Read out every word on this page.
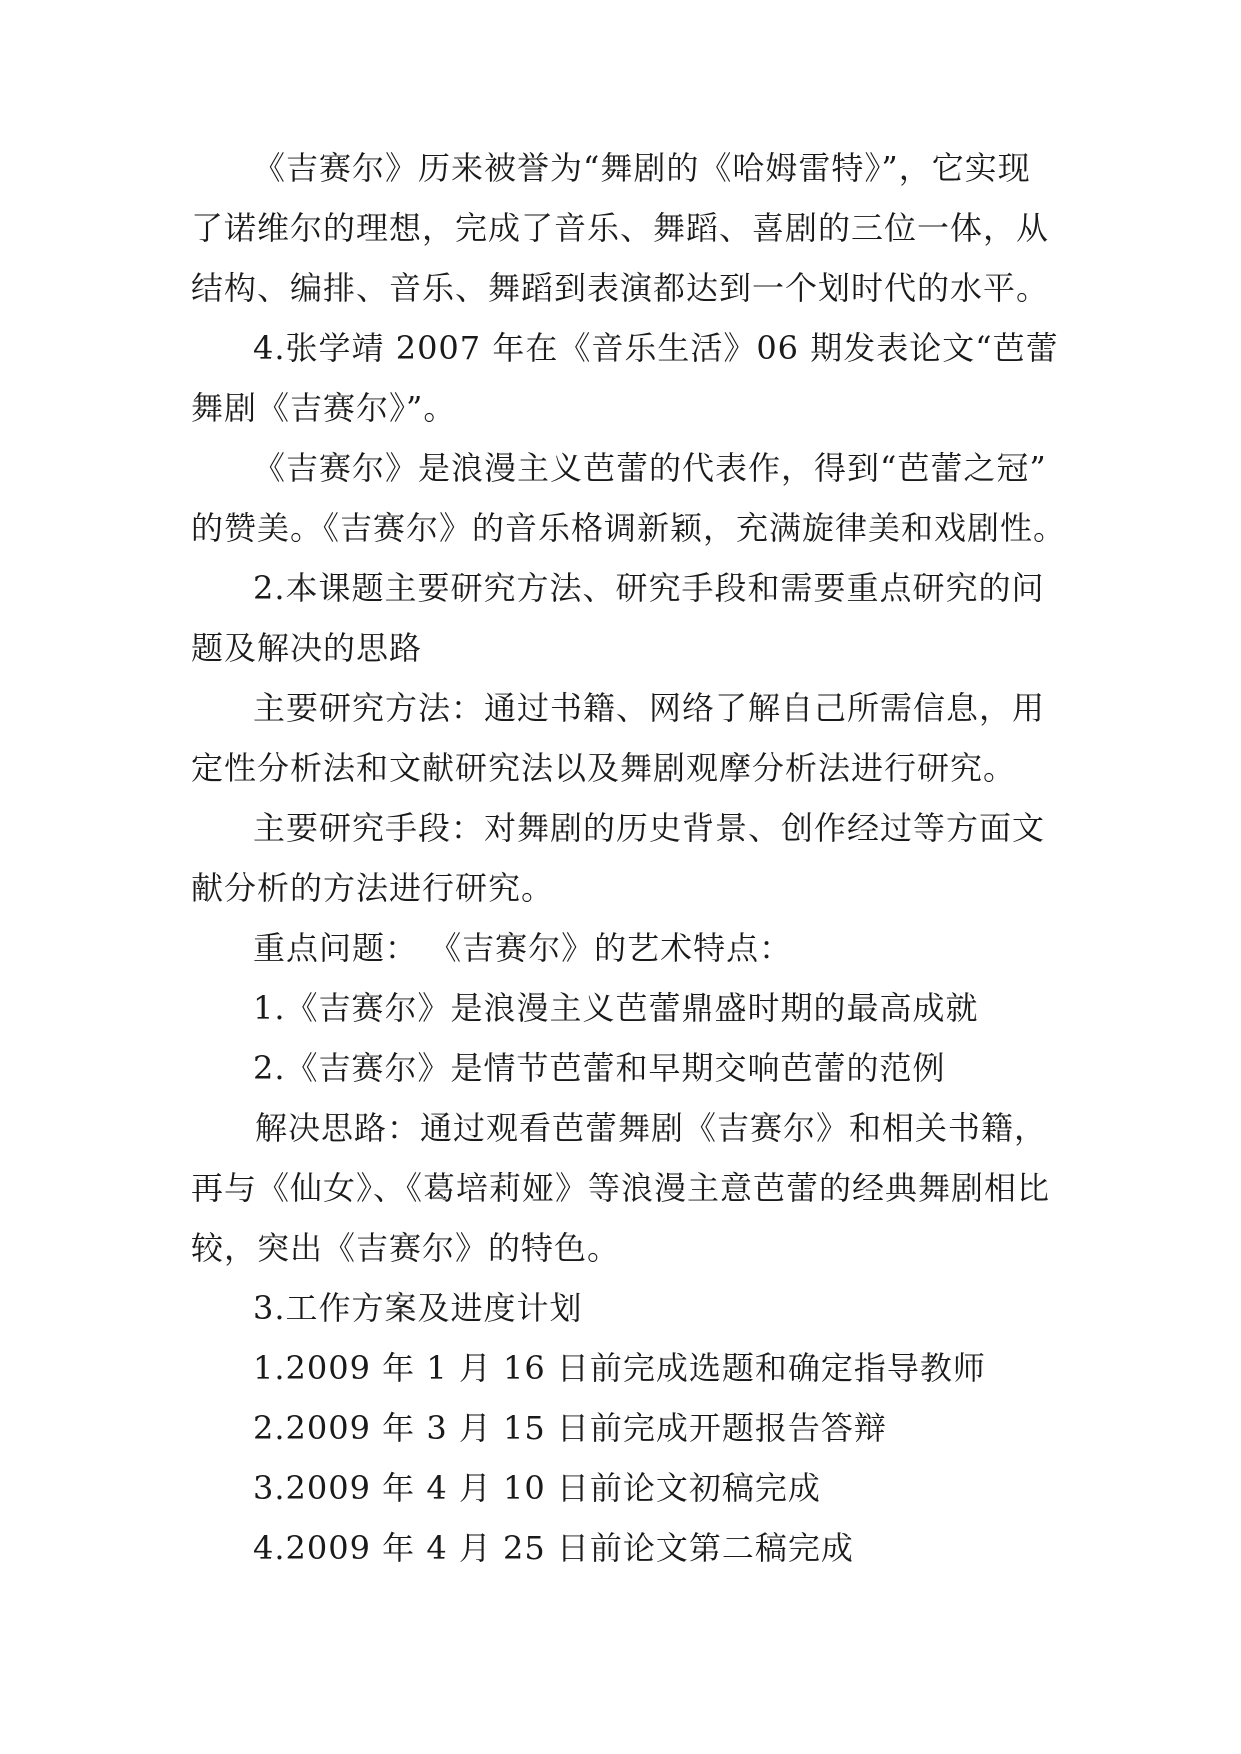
《吉赛尔》历来被誉为“舞剧的《哈姆雷特》”，它实现

了诺维尔的理想，完成了音乐、舞蹈、喜剧的三位一体，从

结构、编排、音乐、舞蹈到表演都达到一个划时代的水平。

4.张学靖 2007 年在《音乐生活》06 期发表论文“芭蕾

舞剧《吉赛尔》”。

《吉赛尔》是浪漫主义芭蕾的代表作，得到“芭蕾之冠”

的赞美。《吉赛尔》的音乐格调新颖，充满旋律美和戏剧性。

2.本课题主要研究方法、研究手段和需要重点研究的问

题及解决的思路

主要研究方法：通过书籍、网络了解自己所需信息，用

定性分析法和文献研究法以及舞剧观摩分析法进行研究。

主要研究手段：对舞剧的历史背景、创作经过等方面文

献分析的方法进行研究。

重点问题： 《吉赛尔》的艺术特点：

1.《吉赛尔》是浪漫主义芭蕾鼎盛时期的最高成就

2.《吉赛尔》是情节芭蕾和早期交响芭蕾的范例

解决思路：通过观看芭蕾舞剧《吉赛尔》和相关书籍，

再与《仙女》、《葛培莉娅》等浪漫主意芭蕾的经典舞剧相比

较，突出《吉赛尔》的特色。

3.工作方案及进度计划

1.2009 年 1 月 16 日前完成选题和确定指导教师

2.2009 年 3 月 15 日前完成开题报告答辩

3.2009 年 4 月 10 日前论文初稿完成

4.2009 年 4 月 25 日前论文第二稿完成
